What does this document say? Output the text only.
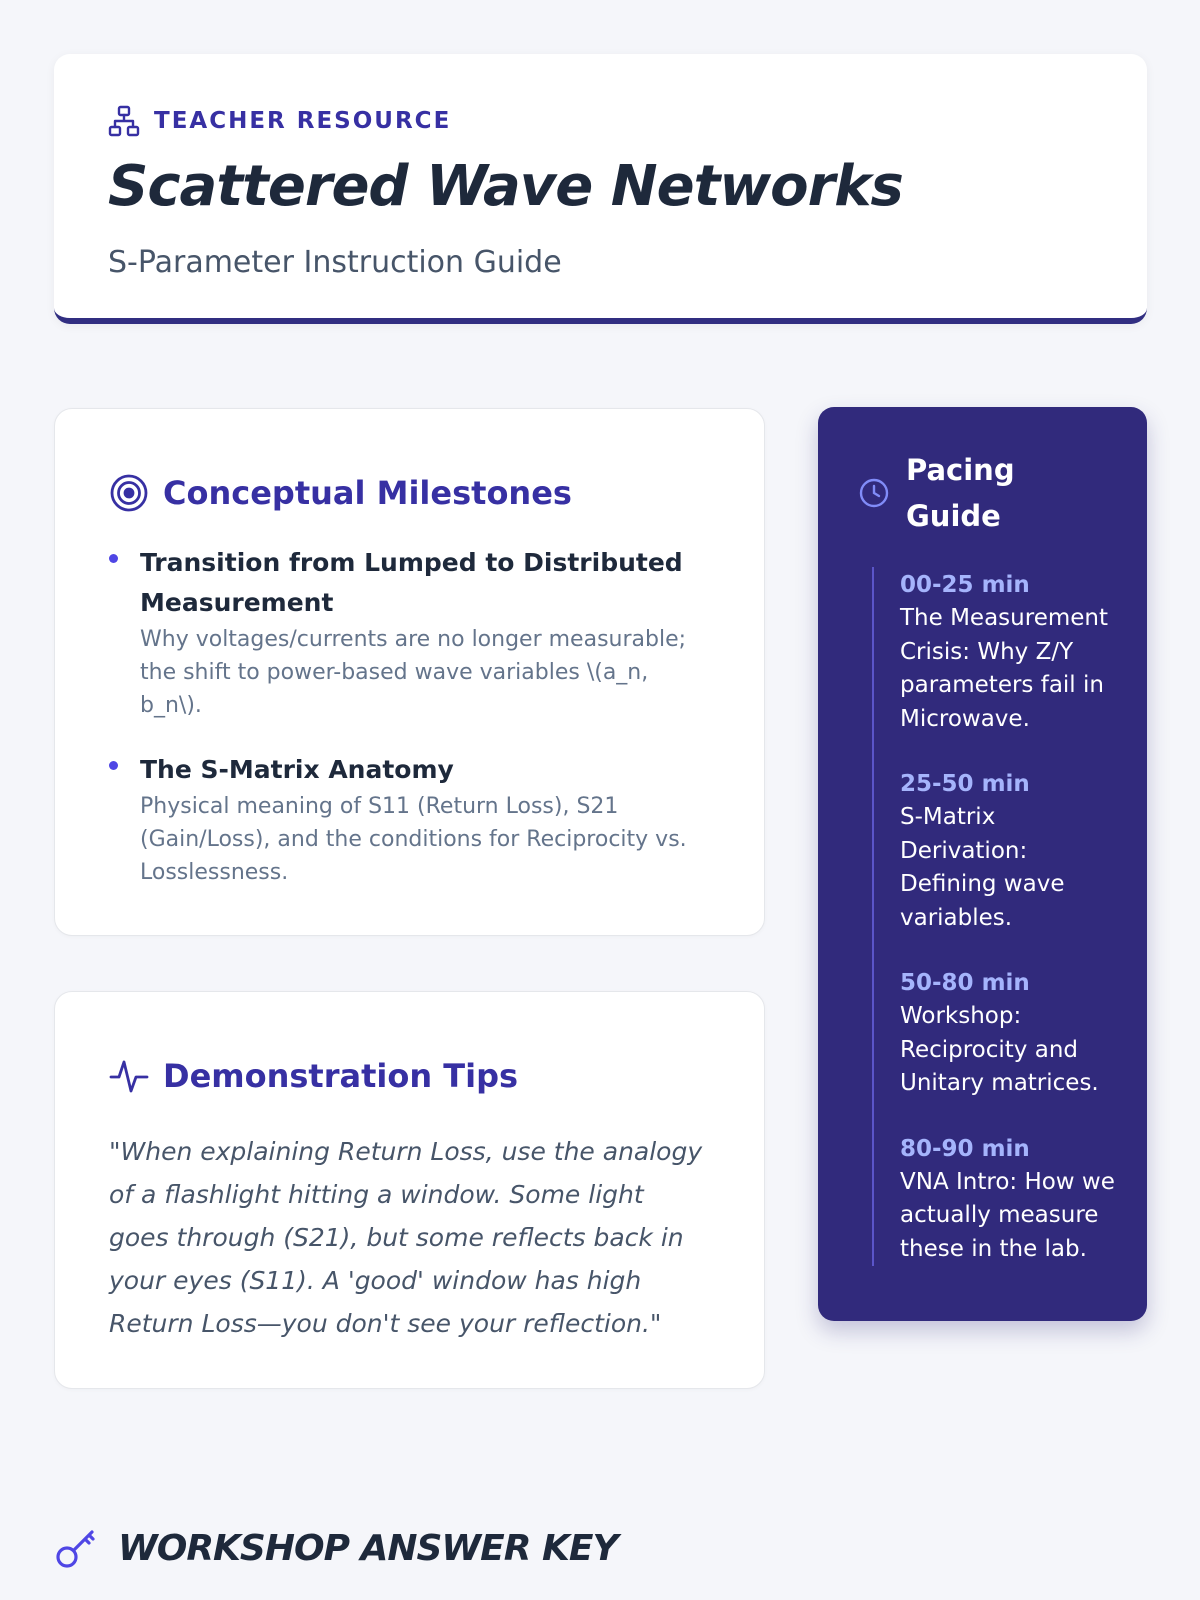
TEACHER RESOURCE
Scattered Wave Networks
S-Parameter Instruction Guide
Conceptual Milestones
Transition from Lumped to Distributed Measurement
Why voltages/currents are no longer measurable; the shift to power-based wave variables \(a_n, b_n\).
The S-Matrix Anatomy
Physical meaning of S11 (Return Loss), S21 (Gain/Loss), and the conditions for Reciprocity vs. Losslessness.
Demonstration Tips
"When explaining Return Loss, use the analogy of a flashlight hitting a window. Some light goes through (S21), but some reflects back in your eyes (S11). A 'good' window has high Return Loss—you don't see your reflection."
Pacing Guide
00-25 min
The Measurement Crisis: Why Z/Y parameters fail in Microwave.
25-50 min
S-Matrix Derivation: Defining wave variables.
50-80 min
Workshop: Reciprocity and Unitary matrices.
80-90 min
VNA Intro: How we actually measure these in the lab.
WORKSHOP ANSWER KEY
